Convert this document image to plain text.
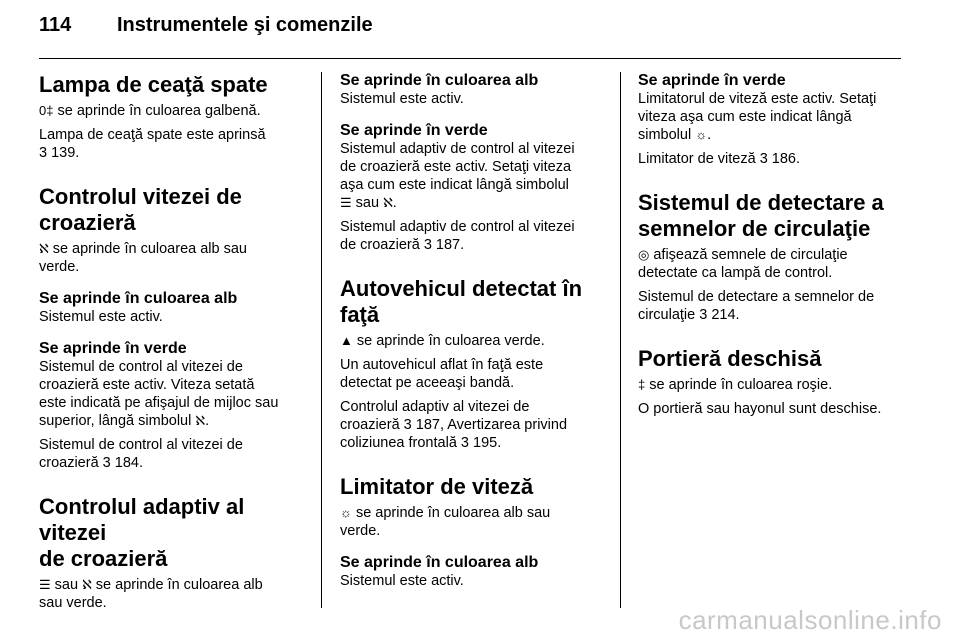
114 Instrumentele şi comenzile
Lampa de ceaţă spate

0‡ se aprinde în culoarea galbenă.

Lampa de ceaţă spate este aprinsă
3 139.

Controlul vitezei de
croazieră

ℵ se aprinde în culoarea alb sau
verde.

Se aprinde în culoarea alb

Sistemul este activ.

Se aprinde în verde

Sistemul de control al vitezei de
croazieră este activ. Viteza setată
este indicată pe afişajul de mijloc sau
superior, lângă simbolul ℵ.

Sistemul de control al vitezei de
croazieră 3 184.

Controlul adaptiv al vitezei
de croazieră

☰ sau ℵ se aprinde în culoarea alb
sau verde.

Se aprinde în culoarea alb

Sistemul este activ.

Se aprinde în verde

Sistemul adaptiv de control al vitezei
de croazieră este activ. Setaţi viteza
aşa cum este indicat lângă simbolul
☰ sau ℵ.

Sistemul adaptiv de control al vitezei
de croazieră 3 187.

Autovehicul detectat în faţă

▲ se aprinde în culoarea verde.

Un autovehicul aflat în faţă este
detectat pe aceeaşi bandă.

Controlul adaptiv al vitezei de
croazieră 3 187, Avertizarea privind
coliziunea frontală 3 195.

Limitator de viteză

☼ se aprinde în culoarea alb sau
verde.

Se aprinde în culoarea alb

Sistemul este activ.

Se aprinde în verde

Limitatorul de viteză este activ. Setaţi
viteza aşa cum este indicat lângă
simbolul ☼.

Limitator de viteză 3 186.

Sistemul de detectare a
semnelor de circulaţie

◎ afişează semnele de circulaţie
detectate ca lampă de control.

Sistemul de detectare a semnelor de
circulaţie 3 214.

Portieră deschisă

‡ se aprinde în culoarea roşie.

O portieră sau hayonul sunt deschise.

carmanualsonline.info
